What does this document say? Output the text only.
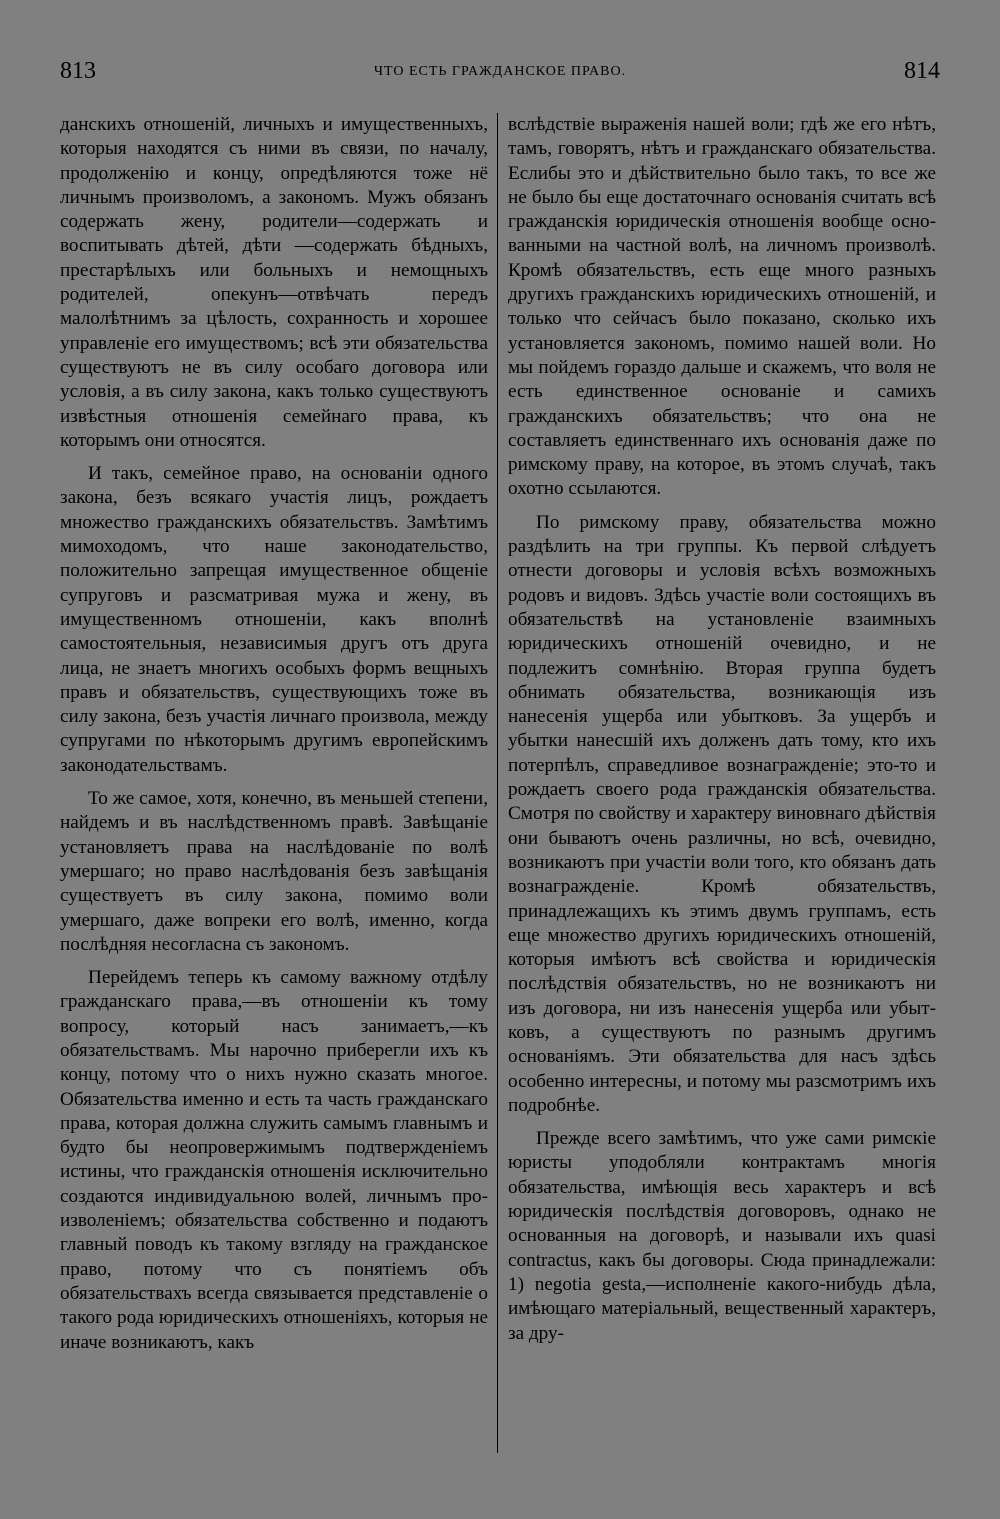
813	ЧТО ЕСТЬ ГРАЖДАНСКОЕ ПРАВО.	814

данскихъ отношеній, личныхъ и имущественныхъ, которыя находятся съ ними въ связи, по началу, продолженію и концу, опредѣляются тоже нё личнымъ произволомъ, а закономъ. Мужъ обязанъ содержать жену, родители—содержать и воспитывать дѣтей, дѣти —содержать бѣдныхъ, престарѣлыхъ или больныхъ и немощныхъ родителей, опекунъ—отвѣчать передъ малолѣтнимъ за цѣлость, сохранность и хорошее управленіе его имуществомъ; всѣ эти обязательства существуютъ не въ силу особаго договора или условія, а въ силу закона, какъ только существуютъ извѣстныя отношенія семейнаго права, къ которымъ они относятся.

И такъ, семейное право, на основаніи одного закона, безъ всякаго участія лицъ, рождаетъ множество гражданскихъ обязательствъ. Замѣтимъ мимоходомъ, что наше законодательство, положительно запрещая имущественное общеніе супруговъ и разсматривая мужа и жену, въ имущественномъ отношеніи, какъ вполнѣ самостоятельныя, независимыя другъ отъ друга лица, не знаетъ многихъ особыхъ формъ вещныхъ правъ и обязательствъ, существующихъ тоже въ силу закона, безъ участія личнаго произвола, между супругами по нѣкоторымъ другимъ европейскимъ законодательствамъ.

То же самое, хотя, конечно, въ меньшей степени, найдемъ и въ наслѣдственномъ правѣ. Завѣщаніе установляетъ права на наслѣдованіе по волѣ умершаго; но право наслѣдованія безъ завѣщанія существуетъ въ силу закона, помимо воли умершаго, даже вопреки его волѣ, именно, когда послѣдняя несогласна съ закономъ.

Перейдемъ теперь къ самому важному отдѣлу гражданскаго права,—въ отношеніи къ тому вопросу, который насъ занимаетъ,—къ обязательствамъ. Мы нарочно приберегли ихъ къ концу, потому что о нихъ нужно сказать многое. Обязательства именно и есть та часть гражданскаго права, которая должна служить самымъ главнымъ и будто бы неопровержимымъ подтвержденіемъ истины, что гражданскія отношенія исключительно создаются индивидуальною волей, личнымъ произволеніемъ; обязательства собственно и подаютъ главный поводъ къ такому взгляду на гражданское право, потому что съ понятіемъ объ обязательствахъ всегда связывается представленіе о такого рода юридическихъ отношеніяхъ, которыя не иначе возникаютъ, какъ

вслѣдствіе выраженія нашей воли; гдѣ же его нѣтъ, тамъ, говорятъ, нѣтъ и гражданскаго обязательства. Еслибы это и дѣйствительно было такъ, то все же не было бы еще достаточнаго основанія считать всѣ гражданскія юридическія отношенія вообще основанными на частной волѣ, на личномъ произволѣ. Кромѣ обязательствъ, есть еще много разныхъ другихъ гражданскихъ юридическихъ отношеній, и только что сейчасъ было показано, сколько ихъ установляется закономъ, помимо нашей воли. Но мы пойдемъ гораздо дальше и скажемъ, что воля не есть единственное основаніе и самихъ гражданскихъ обязательствъ; что она не составляетъ единственнаго ихъ основанія даже по римскому праву, на которое, въ этомъ случаѣ, такъ охотно ссылаются.

По римскому праву, обязательства можно раздѣлить на три группы. Къ первой слѣдуетъ отнести договоры и условія всѣхъ возможныхъ родовъ и видовъ. Здѣсь участіе воли состоящихъ въ обязательствѣ на установленіе взаимныхъ юридическихъ отношеній очевидно, и не подлежитъ сомнѣнію. Вторая группа будетъ обнимать обязательства, возникающія изъ нанесенія ущерба или убытковъ. За ущербъ и убытки нанесшій ихъ долженъ дать тому, кто ихъ потерпѣлъ, справедливое вознагражденіе; это-то и рождаетъ своего рода гражданскія обязательства. Смотря по свойству и характеру виновнаго дѣйствія они бываютъ очень различны, но всѣ, очевидно, возникаютъ при участіи воли того, кто обязанъ дать вознагражденіе. Кромѣ обязательствъ, принадлежащихъ къ этимъ двумъ группамъ, есть еще множество другихъ юридическихъ отношеній, которыя имѣютъ всѣ свойства и юридическія послѣдствія обязательствъ, но не возникаютъ ни изъ договора, ни изъ нанесенія ущерба или убытковъ, а существуютъ по разнымъ другимъ основаніямъ. Эти обязательства для насъ здѣсь особенно интересны, и потому мы разсмотримъ ихъ подробнѣе.

Прежде всего замѣтимъ, что уже сами римскіе юристы уподобляли контрактамъ многія обязательства, имѣющія весь характеръ и всѣ юридическія послѣдствія договоровъ, однако не основанныя на договорѣ, и называли ихъ quasi contractus, какъ бы договоры. Сюда принадлежали: 1) negotia gesta,—исполненіе какого-нибудь дѣла, имѣющаго матеріальный, вещественный характеръ, за дру-
